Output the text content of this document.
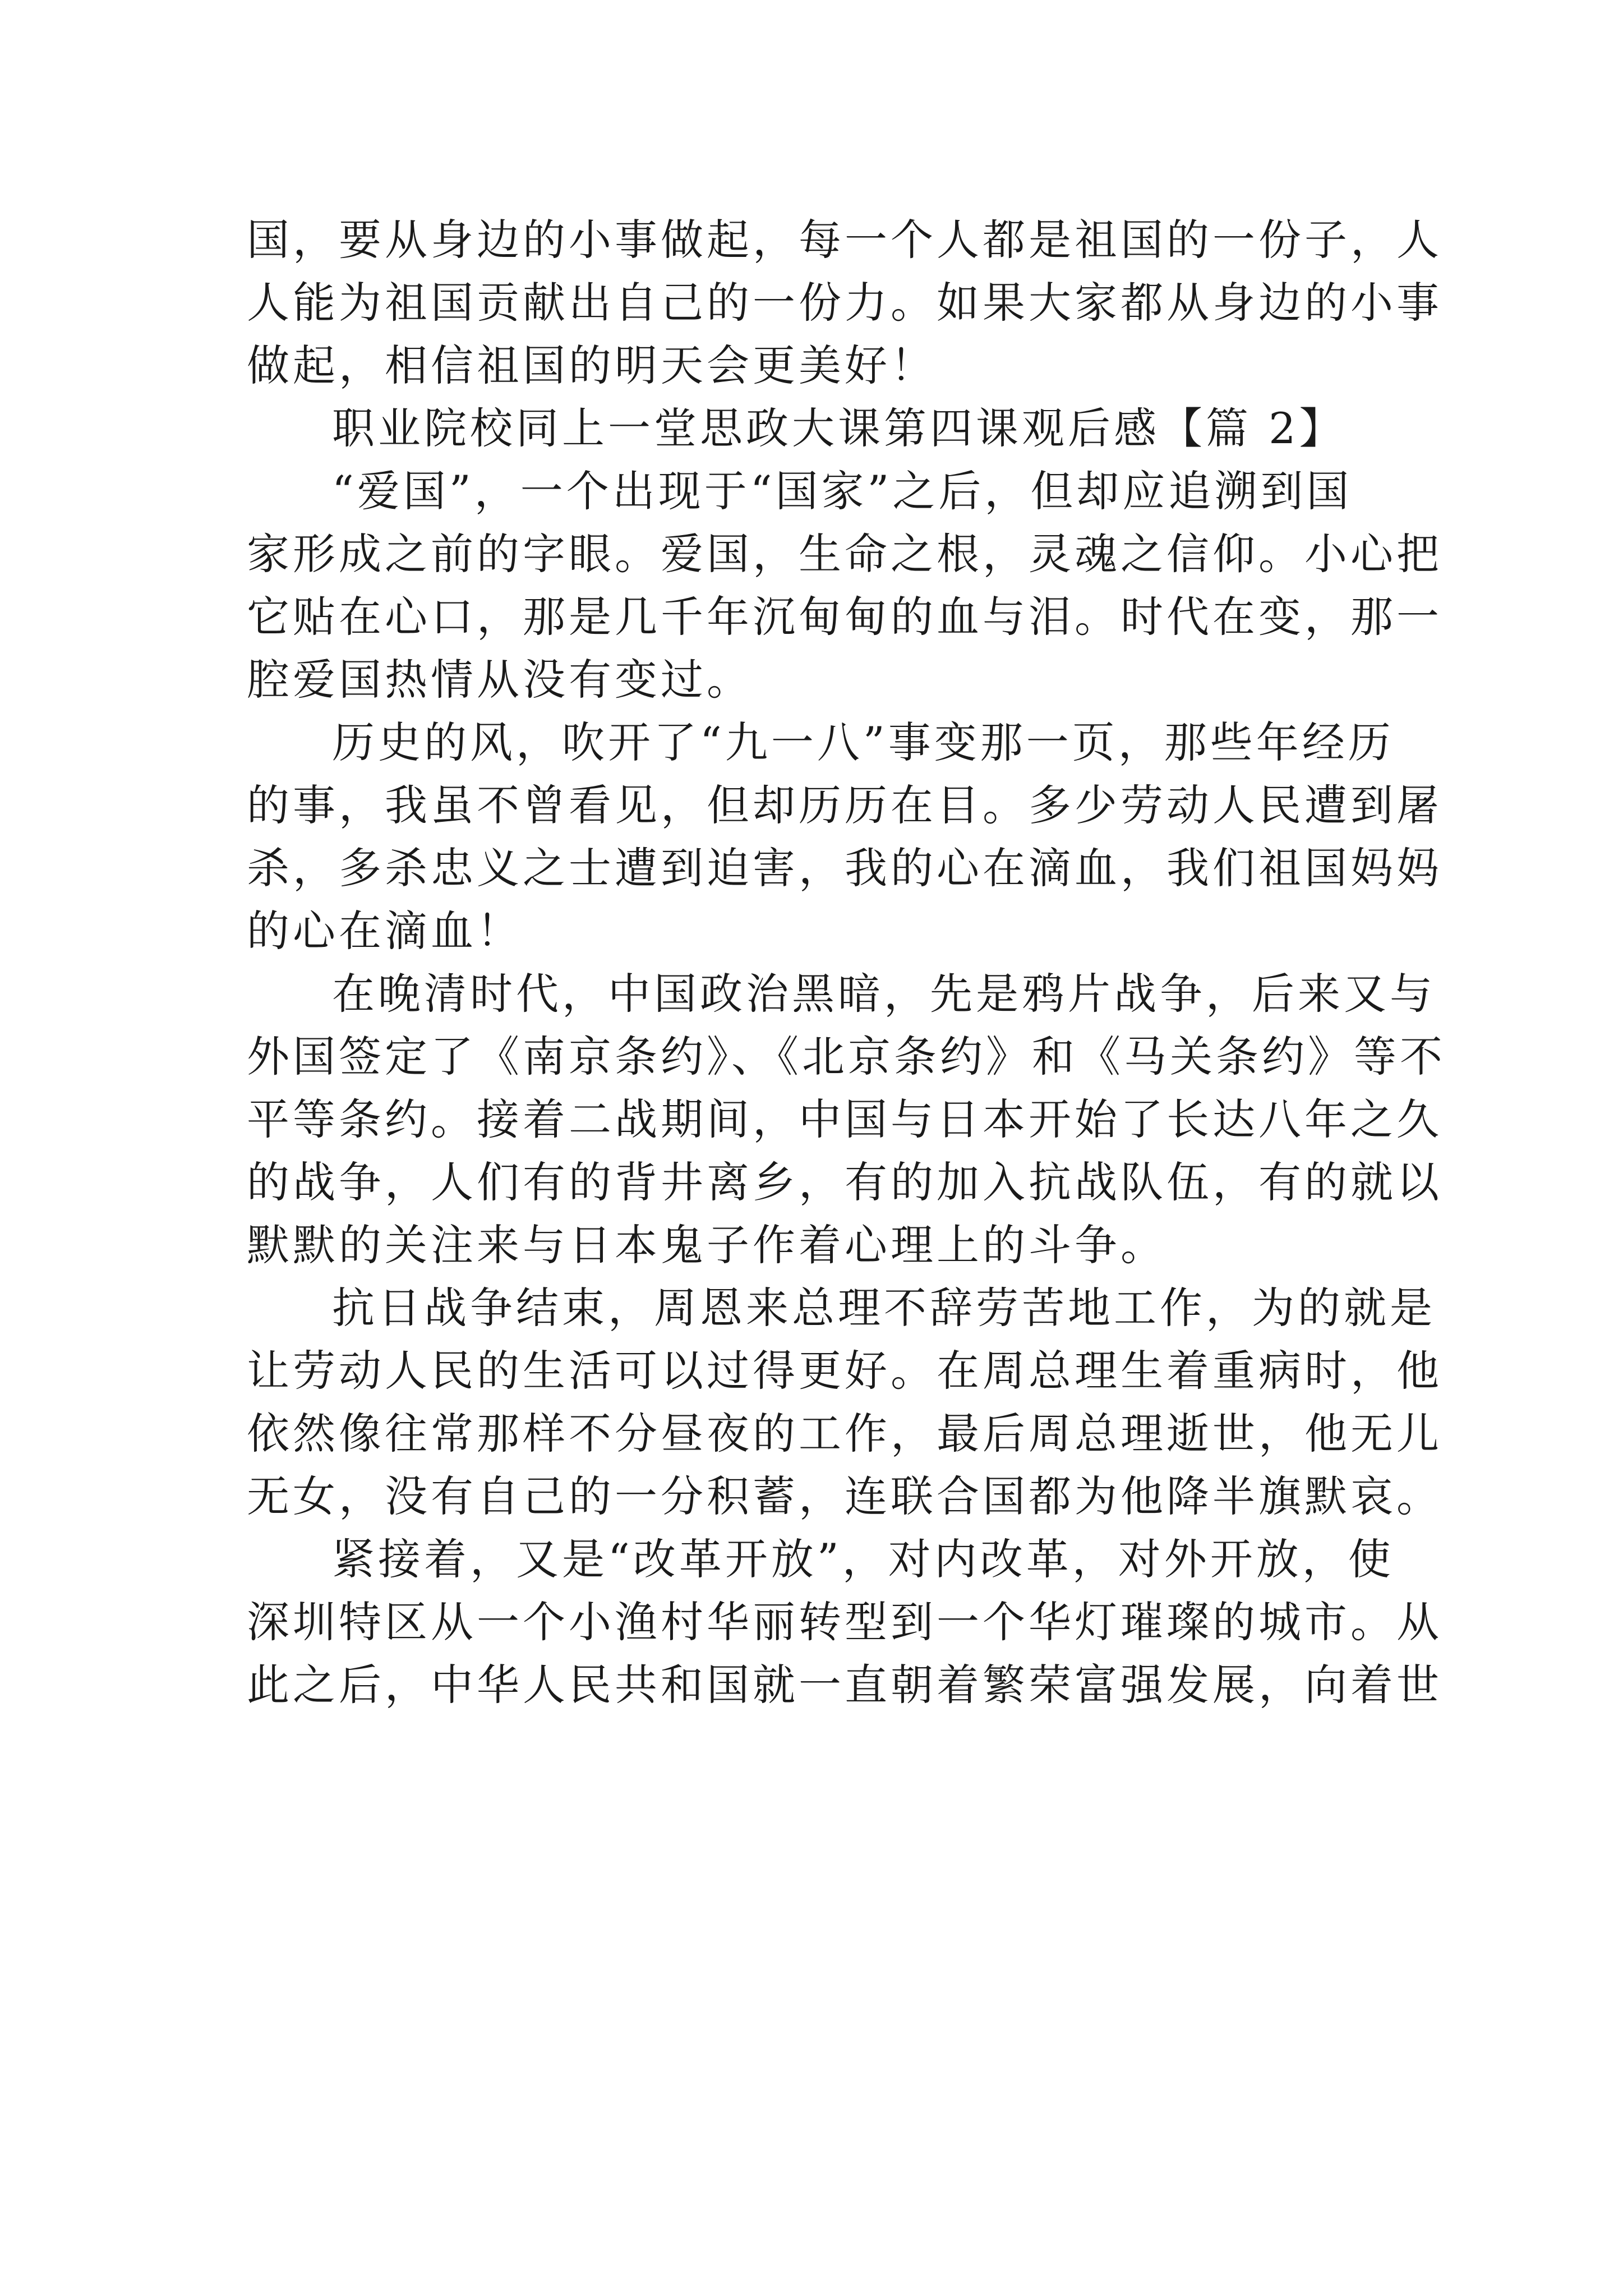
国，要从身边的小事做起，每一个人都是祖国的一份子，人

人能为祖国贡献出自己的一份力。如果大家都从身边的小事

做起，相信祖国的明天会更美好！

职业院校同上一堂思政大课第四课观后感【篇 2】

“爱国”，一个出现于“国家”之后，但却应追溯到国

家形成之前的字眼。爱国，生命之根，灵魂之信仰。小心把

它贴在心口，那是几千年沉甸甸的血与泪。时代在变，那一

腔爱国热情从没有变过。

历史的风，吹开了“九一八”事变那一页，那些年经历

的事，我虽不曾看见，但却历历在目。多少劳动人民遭到屠

杀，多杀忠义之士遭到迫害，我的心在滴血，我们祖国妈妈

的心在滴血！

在晚清时代，中国政治黑暗，先是鸦片战争，后来又与

外国签定了《南京条约》、《北京条约》和《马关条约》等不

平等条约。接着二战期间，中国与日本开始了长达八年之久

的战争，人们有的背井离乡，有的加入抗战队伍，有的就以

默默的关注来与日本鬼子作着心理上的斗争。

抗日战争结束，周恩来总理不辞劳苦地工作，为的就是

让劳动人民的生活可以过得更好。在周总理生着重病时，他

依然像往常那样不分昼夜的工作，最后周总理逝世，他无儿

无女，没有自己的一分积蓄，连联合国都为他降半旗默哀。

紧接着，又是“改革开放”，对内改革，对外开放，使

深圳特区从一个小渔村华丽转型到一个华灯璀璨的城市。从

此之后，中华人民共和国就一直朝着繁荣富强发展，向着世
